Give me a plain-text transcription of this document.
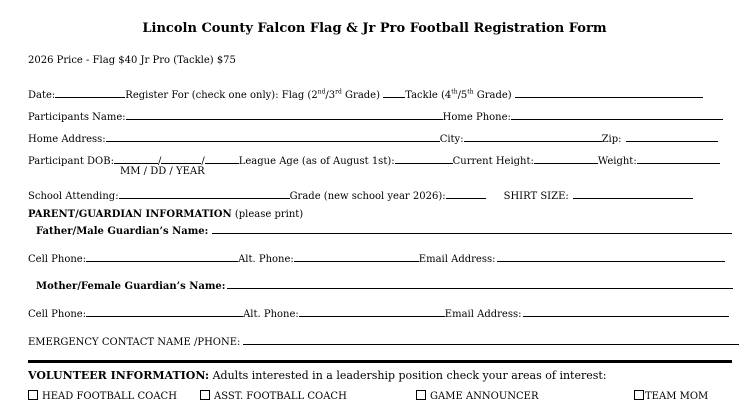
Lincoln County Falcon Flag & Jr Pro Football Registration Form
2026 Price - Flag $40 Jr Pro (Tackle) $75
Date:	Register For (check one only): Flag (2nd/3rd Grade)	Tackle (4th/5th Grade)
Participants Name:	Home Phone:
Home Address:	City:	Zip:
Participant DOB:	/	/	League Age (as of August 1st):	Current Height:	Weight:
MM / DD / YEAR
School Attending:	Grade (new school year 2026):	SHIRT SIZE:
PARENT/GUARDIAN INFORMATION (please print)
Father/Male Guardian’s Name:
Cell Phone:	Alt. Phone:	Email Address:
Mother/Female Guardian’s Name:
Cell Phone:	Alt. Phone:	Email Address:
EMERGENCY CONTACT NAME /PHONE:
VOLUNTEER INFORMATION: Adults interested in a leadership position check your areas of interest:
HEAD FOOTBALL COACH	ASST. FOOTBALL COACH	GAME ANNOUNCER	TEAM MOM
